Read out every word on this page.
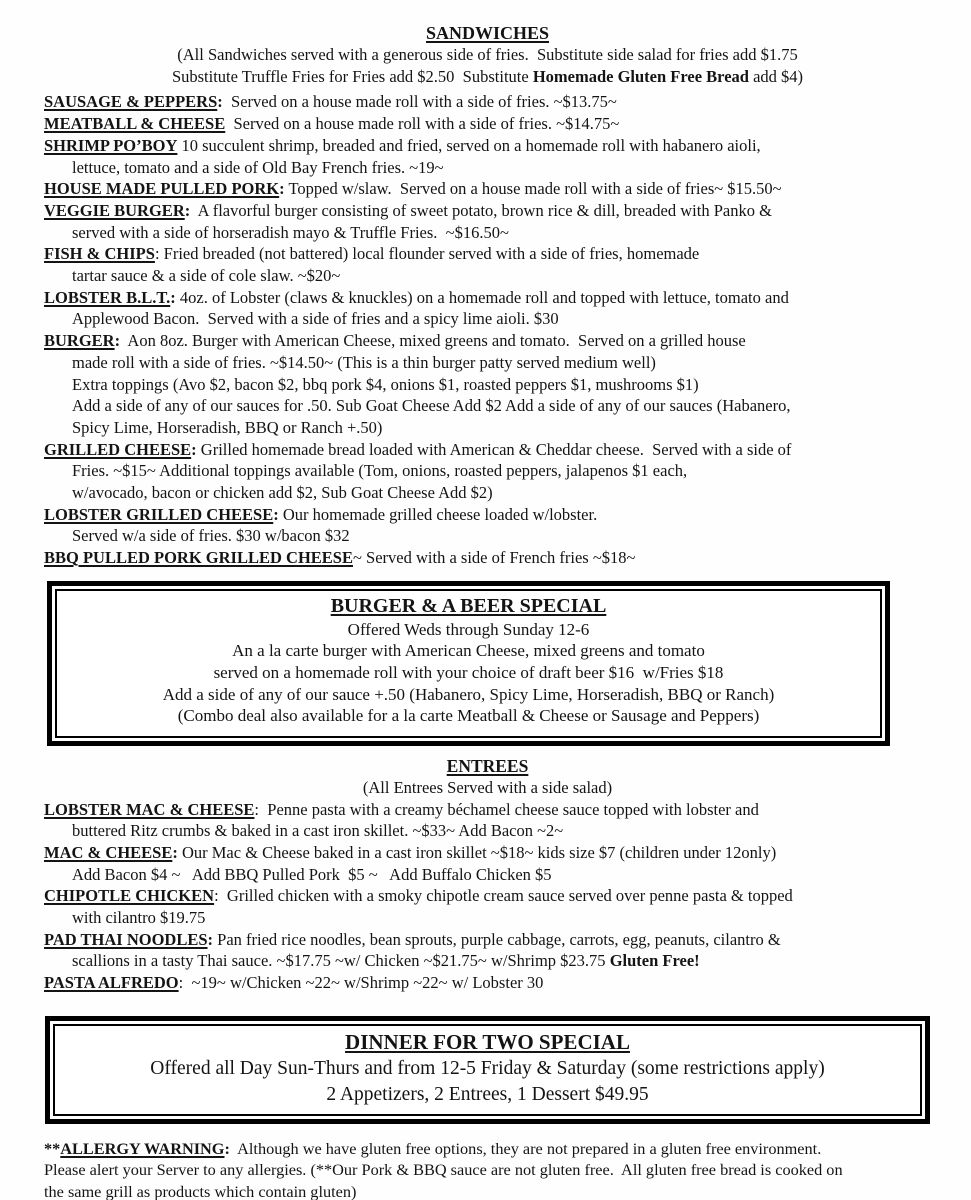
SANDWICHES

(All Sandwiches served with a generous side of fries.  Substitute side salad for fries add $1.75
Substitute Truffle Fries for Fries add $2.50  Substitute Homemade Gluten Free Bread add $4)

SAUSAGE & PEPPERS:  Served on a house made roll with a side of fries. ~$13.75~

MEATBALL & CHEESE  Served on a house made roll with a side of fries. ~$14.75~

SHRIMP PO’BOY 10 succulent shrimp, breaded and fried, served on a homemade roll with habanero aioli,
lettuce, tomato and a side of Old Bay French fries. ~19~

HOUSE MADE PULLED PORK: Topped w/slaw.  Served on a house made roll with a side of fries~ $15.50~

VEGGIE BURGER:  A flavorful burger consisting of sweet potato, brown rice & dill, breaded with Panko &
served with a side of horseradish mayo & Truffle Fries.  ~$16.50~

FISH & CHIPS: Fried breaded (not battered) local flounder served with a side of fries, homemade
tartar sauce & a side of cole slaw. ~$20~

LOBSTER B.L.T.: 4oz. of Lobster (claws & knuckles) on a homemade roll and topped with lettuce, tomato and
Applewood Bacon.  Served with a side of fries and a spicy lime aioli. $30

BURGER:  Aon 8oz. Burger with American Cheese, mixed greens and tomato.  Served on a grilled house
made roll with a side of fries. ~$14.50~ (This is a thin burger patty served medium well)
Extra toppings (Avo $2, bacon $2, bbq pork $4, onions $1, roasted peppers $1, mushrooms $1)
Add a side of any of our sauces for .50. Sub Goat Cheese Add $2 Add a side of any of our sauces (Habanero,
Spicy Lime, Horseradish, BBQ or Ranch +.50)

GRILLED CHEESE: Grilled homemade bread loaded with American & Cheddar cheese.  Served with a side of
Fries. ~$15~ Additional toppings available (Tom, onions, roasted peppers, jalapenos $1 each,
w/avocado, bacon or chicken add $2, Sub Goat Cheese Add $2)

LOBSTER GRILLED CHEESE: Our homemade grilled cheese loaded w/lobster.
Served w/a side of fries. $30 w/bacon $32

BBQ PULLED PORK GRILLED CHEESE~ Served with a side of French fries ~$18~

BURGER & A BEER SPECIAL
Offered Weds through Sunday 12-6
An a la carte burger with American Cheese, mixed greens and tomato
served on a homemade roll with your choice of draft beer $16  w/Fries $18
Add a side of any of our sauce +.50 (Habanero, Spicy Lime, Horseradish, BBQ or Ranch)
(Combo deal also available for a la carte Meatball & Cheese or Sausage and Peppers)
ENTREES
(All Entrees Served with a side salad)

LOBSTER MAC & CHEESE:  Penne pasta with a creamy béchamel cheese sauce topped with lobster and
buttered Ritz crumbs & baked in a cast iron skillet. ~$33~ Add Bacon ~2~

MAC & CHEESE: Our Mac & Cheese baked in a cast iron skillet ~$18~ kids size $7 (children under 12only)
Add Bacon $4 ~   Add BBQ Pulled Pork  $5 ~   Add Buffalo Chicken $5

CHIPOTLE CHICKEN:  Grilled chicken with a smoky chipotle cream sauce served over penne pasta & topped
with cilantro $19.75

PAD THAI NOODLES: Pan fried rice noodles, bean sprouts, purple cabbage, carrots, egg, peanuts, cilantro &
scallions in a tasty Thai sauce. ~$17.75 ~w/ Chicken ~$21.75~ w/Shrimp $23.75 Gluten Free!

PASTA ALFREDO:  ~19~ w/Chicken ~22~ w/Shrimp ~22~ w/ Lobster 30

DINNER FOR TWO SPECIAL
Offered all Day Sun-Thurs and from 12-5 Friday & Saturday (some restrictions apply)
2 Appetizers, 2 Entrees, 1 Dessert $49.95

**ALLERGY WARNING:  Although we have gluten free options, they are not prepared in a gluten free environment.
Please alert your Server to any allergies. (**Our Pork & BBQ sauce are not gluten free.  All gluten free bread is cooked on
the same grill as products which contain gluten)
